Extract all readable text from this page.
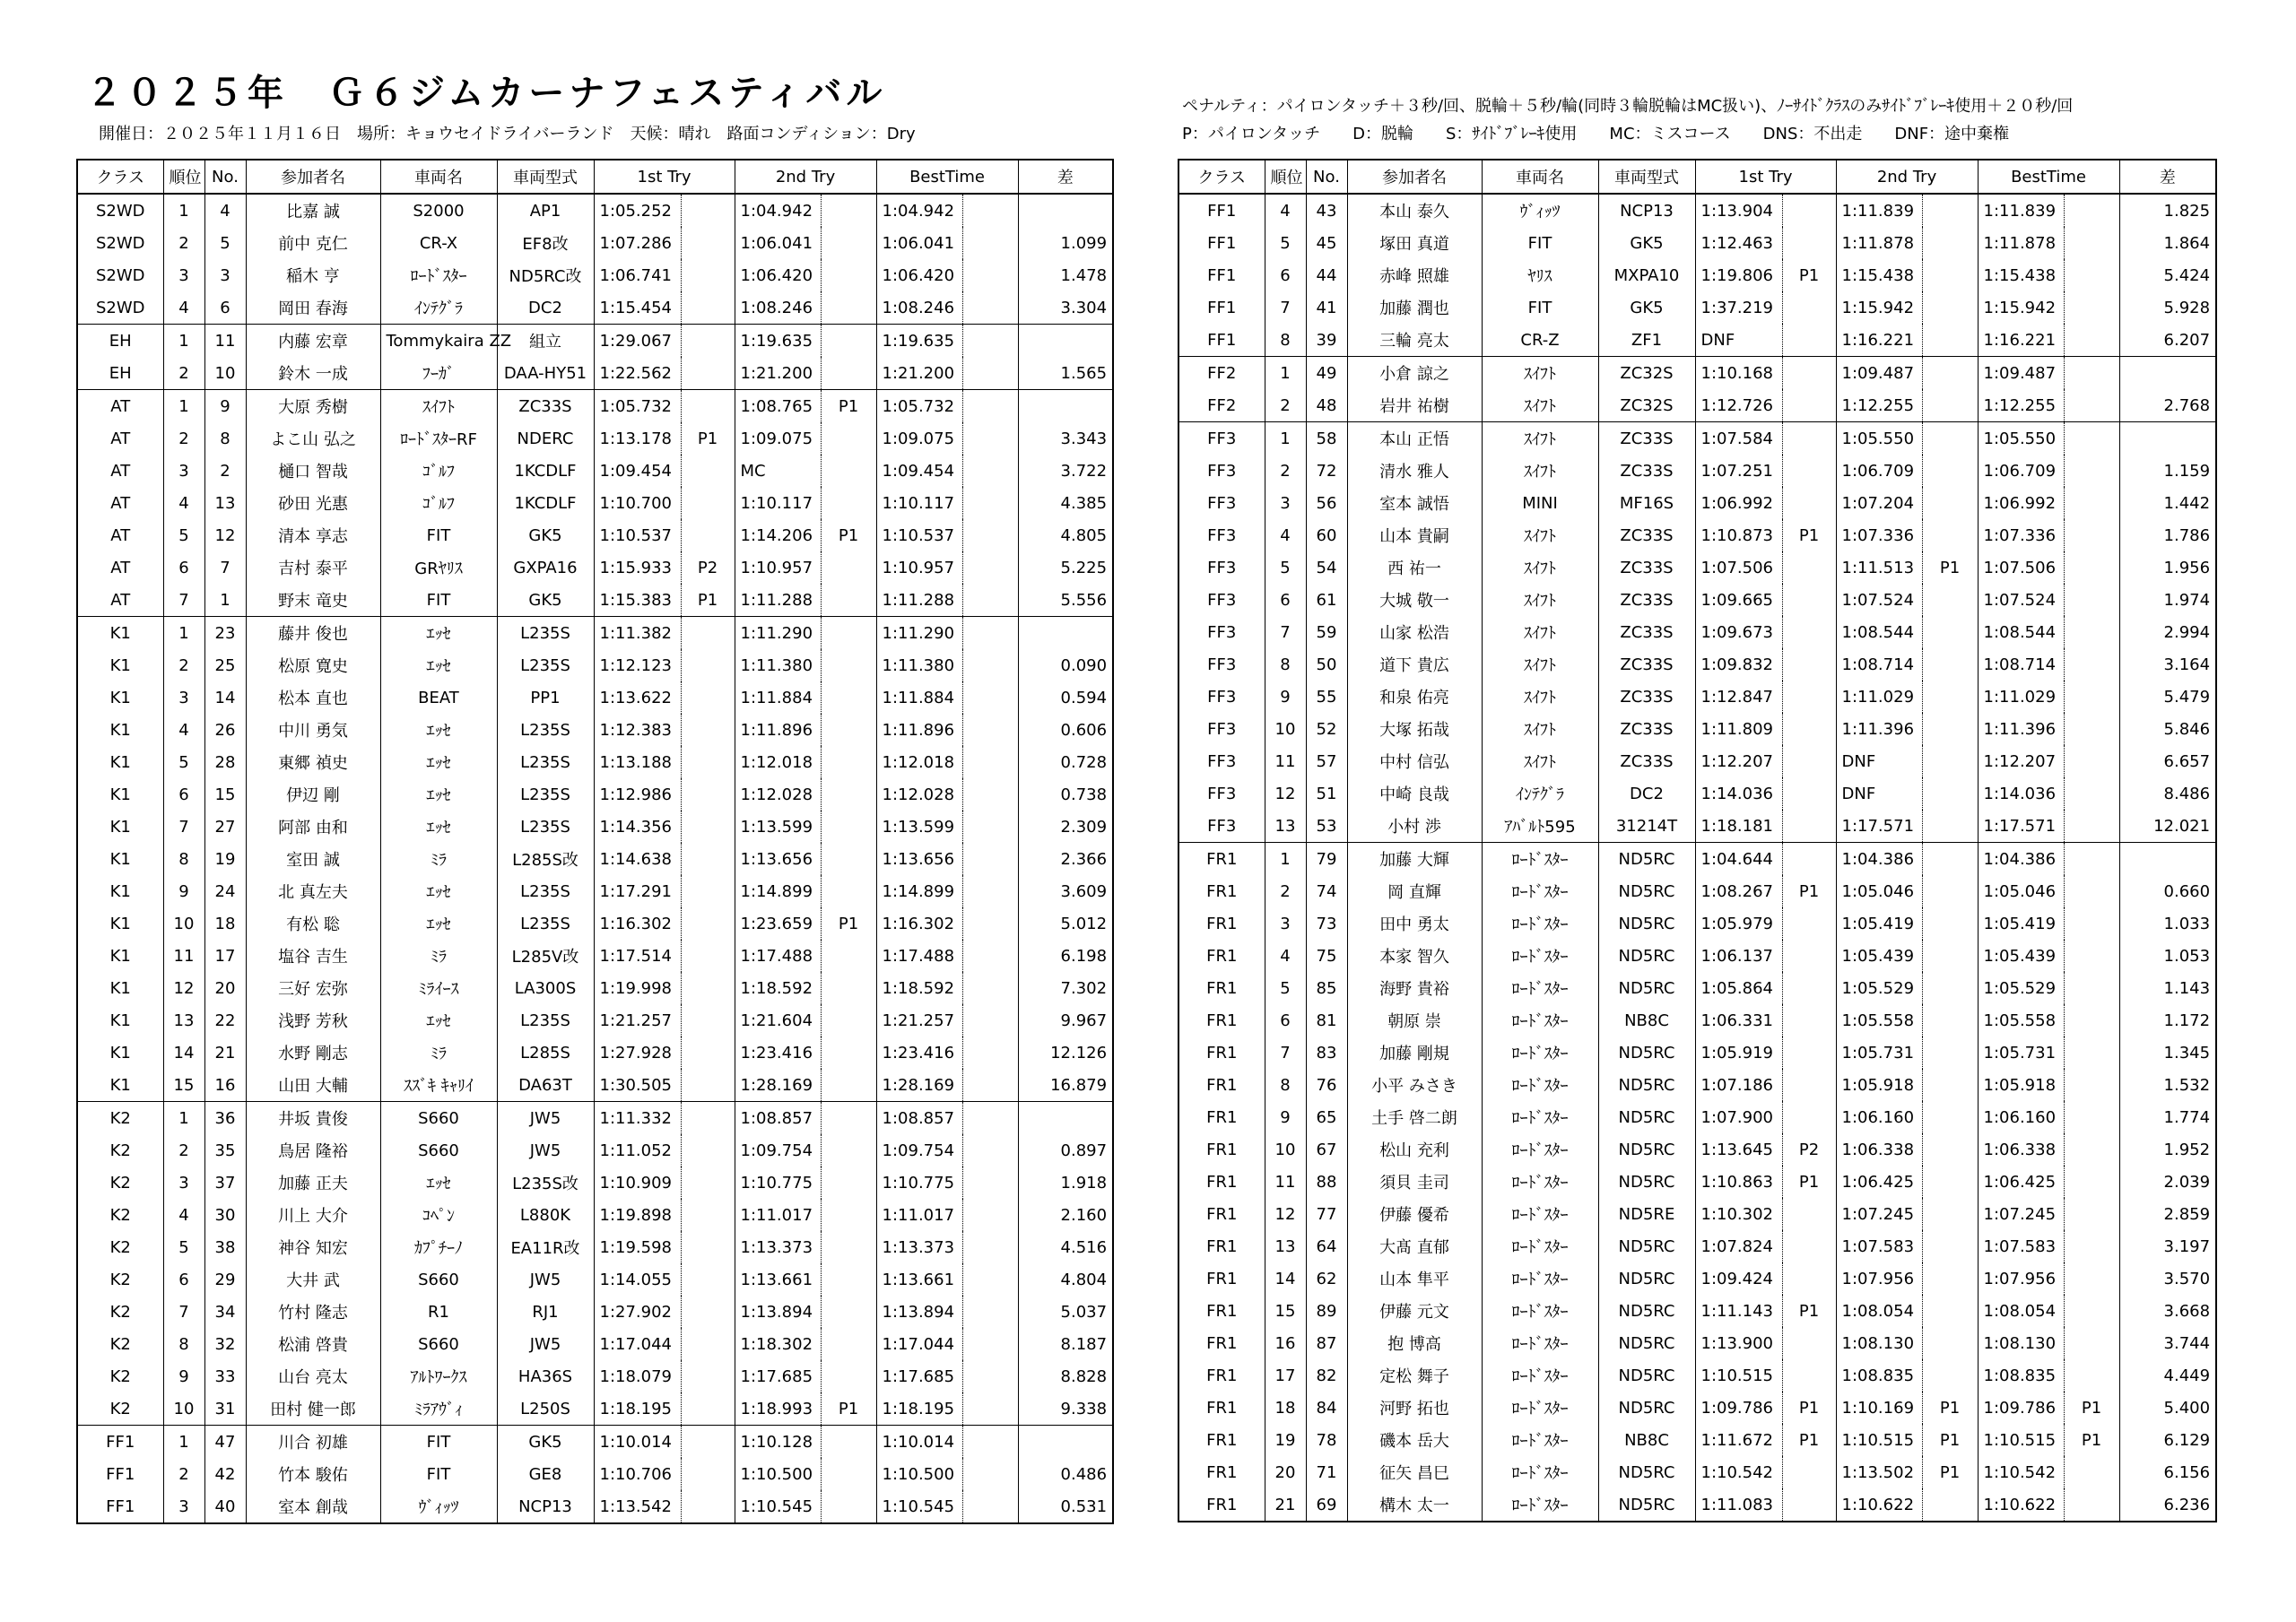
２０２５年　Ｇ６ジムカーナフェスティバル
開催日：２０２５年１１月１６日　場所：キョウセイドライバーランド　天候：晴れ　路面コンディション：Dry
ペナルティ：パイロンタッチ＋３秒/回、脱輪＋５秒/輪(同時３輪脱輪はMC扱い)、ﾉｰｻｲﾄﾞｸﾗｽのみｻｲﾄﾞﾌﾞﾚｰｷ使用＋２０秒/回
P：パイロンタッチ　　D：脱輪　　S：ｻｲﾄﾞﾌﾞﾚｰｷ使用　　MC：ミスコース　　DNS：不出走　　DNF：途中棄権
クラス	順位	No.	参加者名	車両名	車両型式	1st Try		2nd Try		BestTime		差
S2WD	1	4	比嘉 誠	S2000	AP1	1:05.252		1:04.942		1:04.942		
S2WD	2	5	前中 克仁	CR-X	EF8改	1:07.286		1:06.041		1:06.041		1.099
S2WD	3	3	稲木 亨	ﾛｰﾄﾞｽﾀｰ	ND5RC改	1:06.741		1:06.420		1:06.420		1.478
S2WD	4	6	岡田 春海	ｲﾝﾃｸﾞﾗ	DC2	1:15.454		1:08.246		1:08.246		3.304
EH	1	11	内藤 宏章	Tommykaira ZZ	組立	1:29.067		1:19.635		1:19.635		
EH	2	10	鈴木 一成	ﾌｰｶﾞ	DAA-HY51	1:22.562		1:21.200		1:21.200		1.565
AT	1	9	大原 秀樹	ｽｲﾌﾄ	ZC33S	1:05.732		1:08.765	P1	1:05.732		
AT	2	8	よこ山 弘之	ﾛｰﾄﾞｽﾀｰRF	NDERC	1:13.178	P1	1:09.075		1:09.075		3.343
AT	3	2	樋口 智哉	ｺﾞﾙﾌ	1KCDLF	1:09.454		MC		1:09.454		3.722
AT	4	13	砂田 光惠	ｺﾞﾙﾌ	1KCDLF	1:10.700		1:10.117		1:10.117		4.385
AT	5	12	清本 享志	FIT	GK5	1:10.537		1:14.206	P1	1:10.537		4.805
AT	6	7	吉村 泰平	GRﾔﾘｽ	GXPA16	1:15.933	P2	1:10.957		1:10.957		5.225
AT	7	1	野末 竜史	FIT	GK5	1:15.383	P1	1:11.288		1:11.288		5.556
K1	1	23	藤井 俊也	ｴｯｾ	L235S	1:11.382		1:11.290		1:11.290		
K1	2	25	松原 寛史	ｴｯｾ	L235S	1:12.123		1:11.380		1:11.380		0.090
K1	3	14	松本 直也	BEAT	PP1	1:13.622		1:11.884		1:11.884		0.594
K1	4	26	中川 勇気	ｴｯｾ	L235S	1:12.383		1:11.896		1:11.896		0.606
K1	5	28	東郷 禎史	ｴｯｾ	L235S	1:13.188		1:12.018		1:12.018		0.728
K1	6	15	伊辺 剛	ｴｯｾ	L235S	1:12.986		1:12.028		1:12.028		0.738
K1	7	27	阿部 由和	ｴｯｾ	L235S	1:14.356		1:13.599		1:13.599		2.309
K1	8	19	室田 誠	ﾐﾗ	L285S改	1:14.638		1:13.656		1:13.656		2.366
K1	9	24	北 真左夫	ｴｯｾ	L235S	1:17.291		1:14.899		1:14.899		3.609
K1	10	18	有松 聡	ｴｯｾ	L235S	1:16.302		1:23.659	P1	1:16.302		5.012
K1	11	17	塩谷 吉生	ﾐﾗ	L285V改	1:17.514		1:17.488		1:17.488		6.198
K1	12	20	三好 宏弥	ﾐﾗｲｰｽ	LA300S	1:19.998		1:18.592		1:18.592		7.302
K1	13	22	浅野 芳秋	ｴｯｾ	L235S	1:21.257		1:21.604		1:21.257		9.967
K1	14	21	水野 剛志	ﾐﾗ	L285S	1:27.928		1:23.416		1:23.416		12.126
K1	15	16	山田 大輔	ｽｽﾞｷ ｷｬﾘｲ	DA63T	1:30.505		1:28.169		1:28.169		16.879
K2	1	36	井坂 貴俊	S660	JW5	1:11.332		1:08.857		1:08.857		
K2	2	35	鳥居 隆裕	S660	JW5	1:11.052		1:09.754		1:09.754		0.897
K2	3	37	加藤 正夫	ｴｯｾ	L235S改	1:10.909		1:10.775		1:10.775		1.918
K2	4	30	川上 大介	ｺﾍﾟﾝ	L880K	1:19.898		1:11.017		1:11.017		2.160
K2	5	38	神谷 知宏	ｶﾌﾟﾁｰﾉ	EA11R改	1:19.598		1:13.373		1:13.373		4.516
K2	6	29	大井 武	S660	JW5	1:14.055		1:13.661		1:13.661		4.804
K2	7	34	竹村 隆志	R1	RJ1	1:27.902		1:13.894		1:13.894		5.037
K2	8	32	松浦 啓貴	S660	JW5	1:17.044		1:18.302		1:17.044		8.187
K2	9	33	山台 亮太	ｱﾙﾄﾜｰｸｽ	HA36S	1:18.079		1:17.685		1:17.685		8.828
K2	10	31	田村 健一郎	ﾐﾗｱｳﾞｨ	L250S	1:18.195		1:18.993	P1	1:18.195		9.338
FF1	1	47	川合 初雄	FIT	GK5	1:10.014		1:10.128		1:10.014		
FF1	2	42	竹本 駿佑	FIT	GE8	1:10.706		1:10.500		1:10.500		0.486
FF1	3	40	室本 創哉	ｳﾞｨｯﾂ	NCP13	1:13.542		1:10.545		1:10.545		0.531
クラス	順位	No.	参加者名	車両名	車両型式	1st Try		2nd Try		BestTime		差
FF1	4	43	本山 泰久	ｳﾞｨｯﾂ	NCP13	1:13.904		1:11.839		1:11.839		1.825
FF1	5	45	塚田 真道	FIT	GK5	1:12.463		1:11.878		1:11.878		1.864
FF1	6	44	赤峰 照雄	ﾔﾘｽ	MXPA10	1:19.806	P1	1:15.438		1:15.438		5.424
FF1	7	41	加藤 潤也	FIT	GK5	1:37.219		1:15.942		1:15.942		5.928
FF1	8	39	三輪 亮太	CR-Z	ZF1	DNF		1:16.221		1:16.221		6.207
FF2	1	49	小倉 諒之	ｽｲﾌﾄ	ZC32S	1:10.168		1:09.487		1:09.487		
FF2	2	48	岩井 祐樹	ｽｲﾌﾄ	ZC32S	1:12.726		1:12.255		1:12.255		2.768
FF3	1	58	本山 正悟	ｽｲﾌﾄ	ZC33S	1:07.584		1:05.550		1:05.550		
FF3	2	72	清水 雅人	ｽｲﾌﾄ	ZC33S	1:07.251		1:06.709		1:06.709		1.159
FF3	3	56	室本 誠悟	MINI	MF16S	1:06.992		1:07.204		1:06.992		1.442
FF3	4	60	山本 貴嗣	ｽｲﾌﾄ	ZC33S	1:10.873	P1	1:07.336		1:07.336		1.786
FF3	5	54	西 祐一	ｽｲﾌﾄ	ZC33S	1:07.506		1:11.513	P1	1:07.506		1.956
FF3	6	61	大城 敬一	ｽｲﾌﾄ	ZC33S	1:09.665		1:07.524		1:07.524		1.974
FF3	7	59	山家 松浩	ｽｲﾌﾄ	ZC33S	1:09.673		1:08.544		1:08.544		2.994
FF3	8	50	道下 貴広	ｽｲﾌﾄ	ZC33S	1:09.832		1:08.714		1:08.714		3.164
FF3	9	55	和泉 佑亮	ｽｲﾌﾄ	ZC33S	1:12.847		1:11.029		1:11.029		5.479
FF3	10	52	大塚 拓哉	ｽｲﾌﾄ	ZC33S	1:11.809		1:11.396		1:11.396		5.846
FF3	11	57	中村 信弘	ｽｲﾌﾄ	ZC33S	1:12.207		DNF		1:12.207		6.657
FF3	12	51	中崎 良哉	ｲﾝﾃｸﾞﾗ	DC2	1:14.036		DNF		1:14.036		8.486
FF3	13	53	小村 渉	ｱﾊﾞﾙﾄ595	31214T	1:18.181		1:17.571		1:17.571		12.021
FR1	1	79	加藤 大輝	ﾛｰﾄﾞｽﾀｰ	ND5RC	1:04.644		1:04.386		1:04.386		
FR1	2	74	岡 直輝	ﾛｰﾄﾞｽﾀｰ	ND5RC	1:08.267	P1	1:05.046		1:05.046		0.660
FR1	3	73	田中 勇太	ﾛｰﾄﾞｽﾀｰ	ND5RC	1:05.979		1:05.419		1:05.419		1.033
FR1	4	75	本家 智久	ﾛｰﾄﾞｽﾀｰ	ND5RC	1:06.137		1:05.439		1:05.439		1.053
FR1	5	85	海野 貴裕	ﾛｰﾄﾞｽﾀｰ	ND5RC	1:05.864		1:05.529		1:05.529		1.143
FR1	6	81	朝原 崇	ﾛｰﾄﾞｽﾀｰ	NB8C	1:06.331		1:05.558		1:05.558		1.172
FR1	7	83	加藤 剛規	ﾛｰﾄﾞｽﾀｰ	ND5RC	1:05.919		1:05.731		1:05.731		1.345
FR1	8	76	小平 みさき	ﾛｰﾄﾞｽﾀｰ	ND5RC	1:07.186		1:05.918		1:05.918		1.532
FR1	9	65	土手 啓二朗	ﾛｰﾄﾞｽﾀｰ	ND5RC	1:07.900		1:06.160		1:06.160		1.774
FR1	10	67	松山 充利	ﾛｰﾄﾞｽﾀｰ	ND5RC	1:13.645	P2	1:06.338		1:06.338		1.952
FR1	11	88	須貝 圭司	ﾛｰﾄﾞｽﾀｰ	ND5RC	1:10.863	P1	1:06.425		1:06.425		2.039
FR1	12	77	伊藤 優希	ﾛｰﾄﾞｽﾀｰ	ND5RE	1:10.302		1:07.245		1:07.245		2.859
FR1	13	64	大髙 直郁	ﾛｰﾄﾞｽﾀｰ	ND5RC	1:07.824		1:07.583		1:07.583		3.197
FR1	14	62	山本 隼平	ﾛｰﾄﾞｽﾀｰ	ND5RC	1:09.424		1:07.956		1:07.956		3.570
FR1	15	89	伊藤 元文	ﾛｰﾄﾞｽﾀｰ	ND5RC	1:11.143	P1	1:08.054		1:08.054		3.668
FR1	16	87	抱 博高	ﾛｰﾄﾞｽﾀｰ	ND5RC	1:13.900		1:08.130		1:08.130		3.744
FR1	17	82	定松 舞子	ﾛｰﾄﾞｽﾀｰ	ND5RC	1:10.515		1:08.835		1:08.835		4.449
FR1	18	84	河野 拓也	ﾛｰﾄﾞｽﾀｰ	ND5RC	1:09.786	P1	1:10.169	P1	1:09.786	P1	5.400
FR1	19	78	磯本 岳大	ﾛｰﾄﾞｽﾀｰ	NB8C	1:11.672	P1	1:10.515	P1	1:10.515	P1	6.129
FR1	20	71	征矢 昌巳	ﾛｰﾄﾞｽﾀｰ	ND5RC	1:10.542		1:13.502	P1	1:10.542		6.156
FR1	21	69	構木 太一	ﾛｰﾄﾞｽﾀｰ	ND5RC	1:11.083		1:10.622		1:10.622		6.236
